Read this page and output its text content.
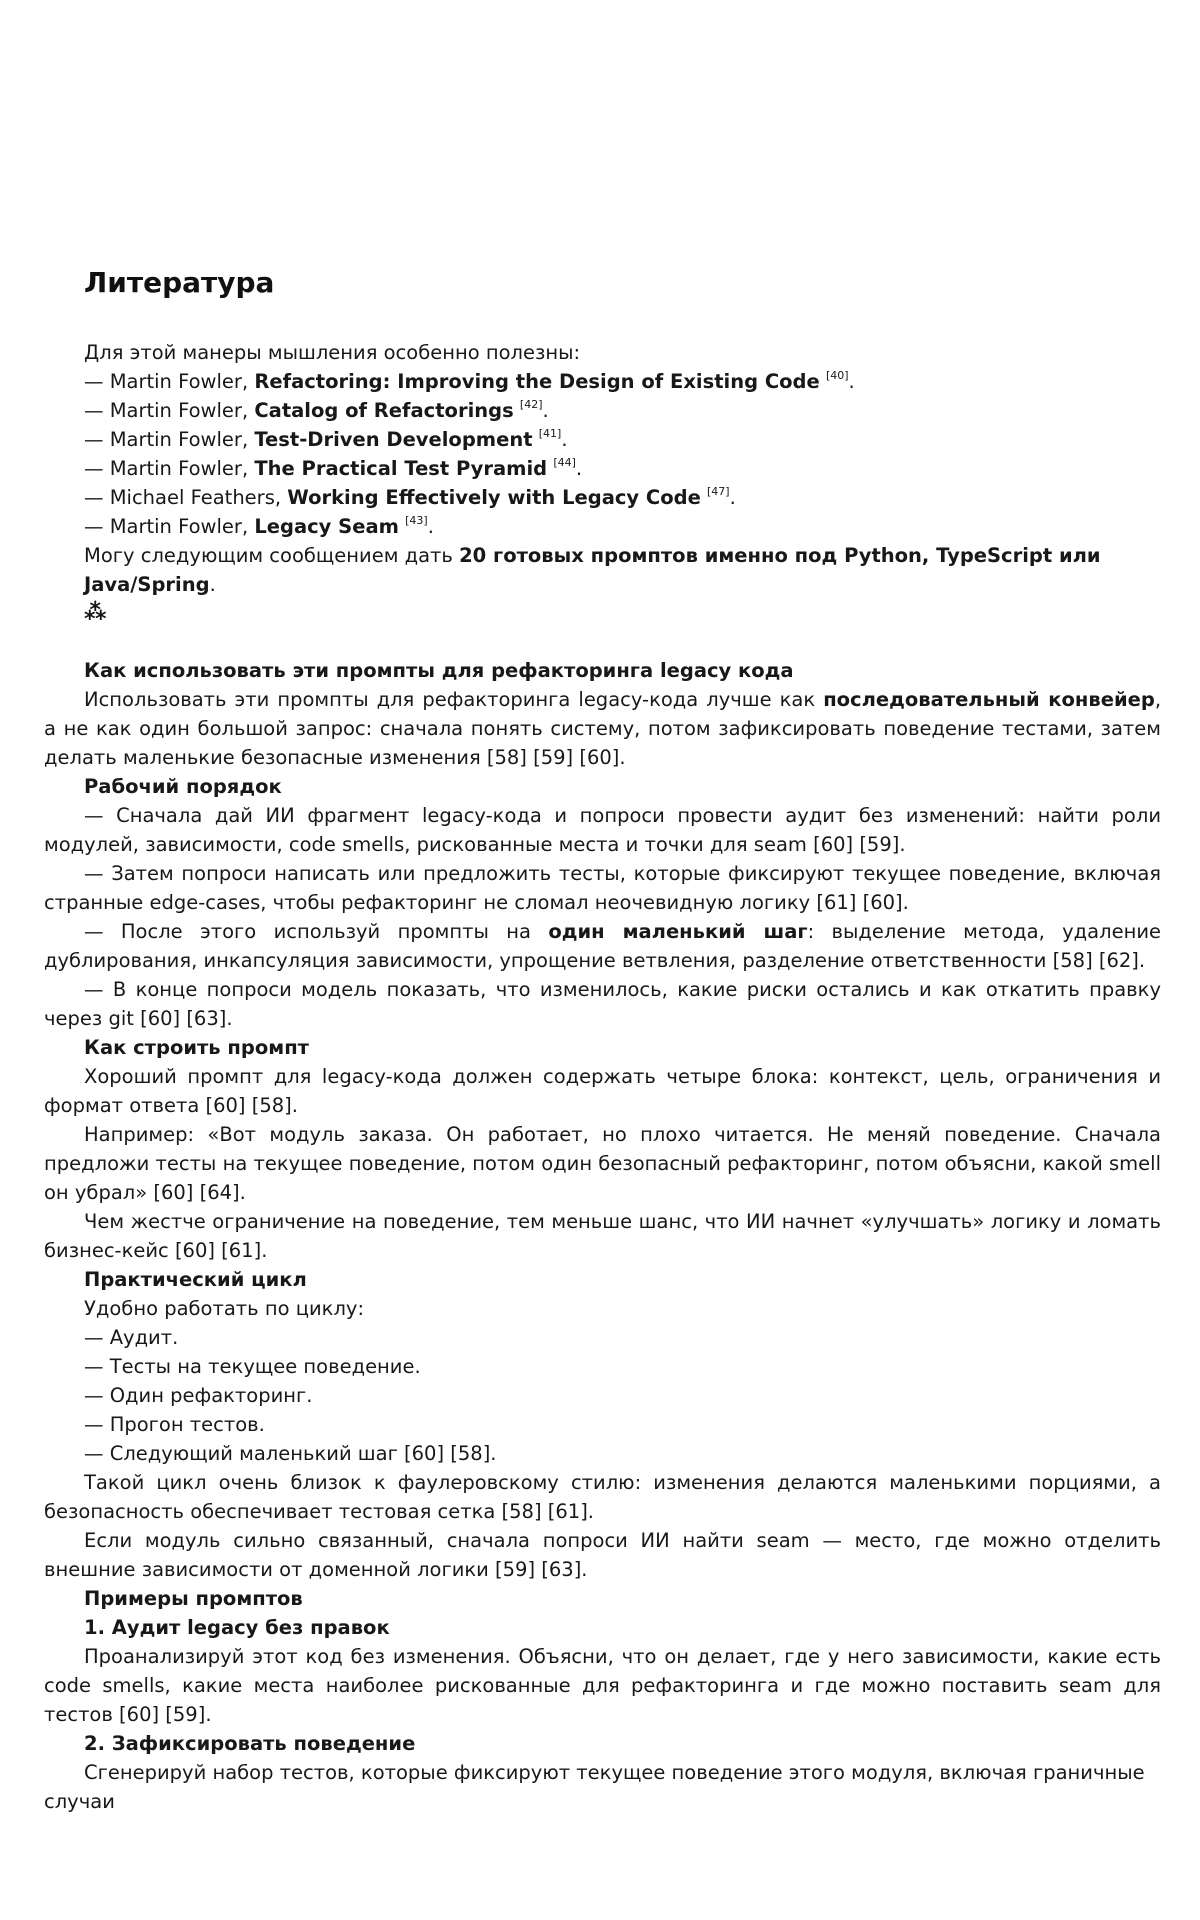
Литература
Для этой манеры мышления особенно полезны:
— Martin Fowler, Refactoring: Improving the Design of Existing Code [40].
— Martin Fowler, Catalog of Refactorings [42].
— Martin Fowler, Test-Driven Development [41].
— Martin Fowler, The Practical Test Pyramid [44].
— Michael Feathers, Working Effectively with Legacy Code [47].
— Martin Fowler, Legacy Seam [43].
Могу следующим сообщением дать 20 готовых промптов именно под Python, TypeScript или Java/Spring.
⁂
Как использовать эти промпты для рефакторинга legacy кода

Использовать эти промпты для рефакторинга legacy-кода лучше как последовательный конвейер, а не как один большой запрос: сначала понять систему, потом зафиксировать поведение тестами, затем делать маленькие безопасные изменения [58] [59] [60].

Рабочий порядок

— Сначала дай ИИ фрагмент legacy-кода и попроси провести аудит без изменений: найти роли модулей, зависимости, code smells, рискованные места и точки для seam [60] [59].

— Затем попроси написать или предложить тесты, которые фиксируют текущее поведение, включая странные edge-cases, чтобы рефакторинг не сломал неочевидную логику [61] [60].

— После этого используй промпты на один маленький шаг: выделение метода, удаление дублирования, инкапсуляция зависимости, упрощение ветвления, разделение ответственности [58] [62].

— В конце попроси модель показать, что изменилось, какие риски остались и как откатить правку через git [60] [63].

Как строить промпт

Хороший промпт для legacy-кода должен содержать четыре блока: контекст, цель, ограничения и формат ответа [60] [58].

Например: «Вот модуль заказа. Он работает, но плохо читается. Не меняй поведение. Сначала предложи тесты на текущее поведение, потом один безопасный рефакторинг, потом объясни, какой smell он убрал» [60] [64].

Чем жестче ограничение на поведение, тем меньше шанс, что ИИ начнет «улучшать» логику и ломать бизнес-кейс [60] [61].

Практический цикл

Удобно работать по циклу:

— Аудит.

— Тесты на текущее поведение.

— Один рефакторинг.

— Прогон тестов.

— Следующий маленький шаг [60] [58].

Такой цикл очень близок к фаулеровскому стилю: изменения делаются маленькими порциями, а безопасность обеспечивает тестовая сетка [58] [61].

Если модуль сильно связанный, сначала попроси ИИ найти seam — место, где можно отделить внешние зависимости от доменной логики [59] [63].

Примеры промптов
1. Аудит legacy без правок

Проанализируй этот код без изменения. Объясни, что он делает, где у него зависимости, какие есть code smells, какие места наиболее рискованные для рефакторинга и где можно поставить seam для тестов [60] [59].

2. Зафиксировать поведение

Сгенерируй набор тестов, которые фиксируют текущее поведение этого модуля, включая граничные случаи
